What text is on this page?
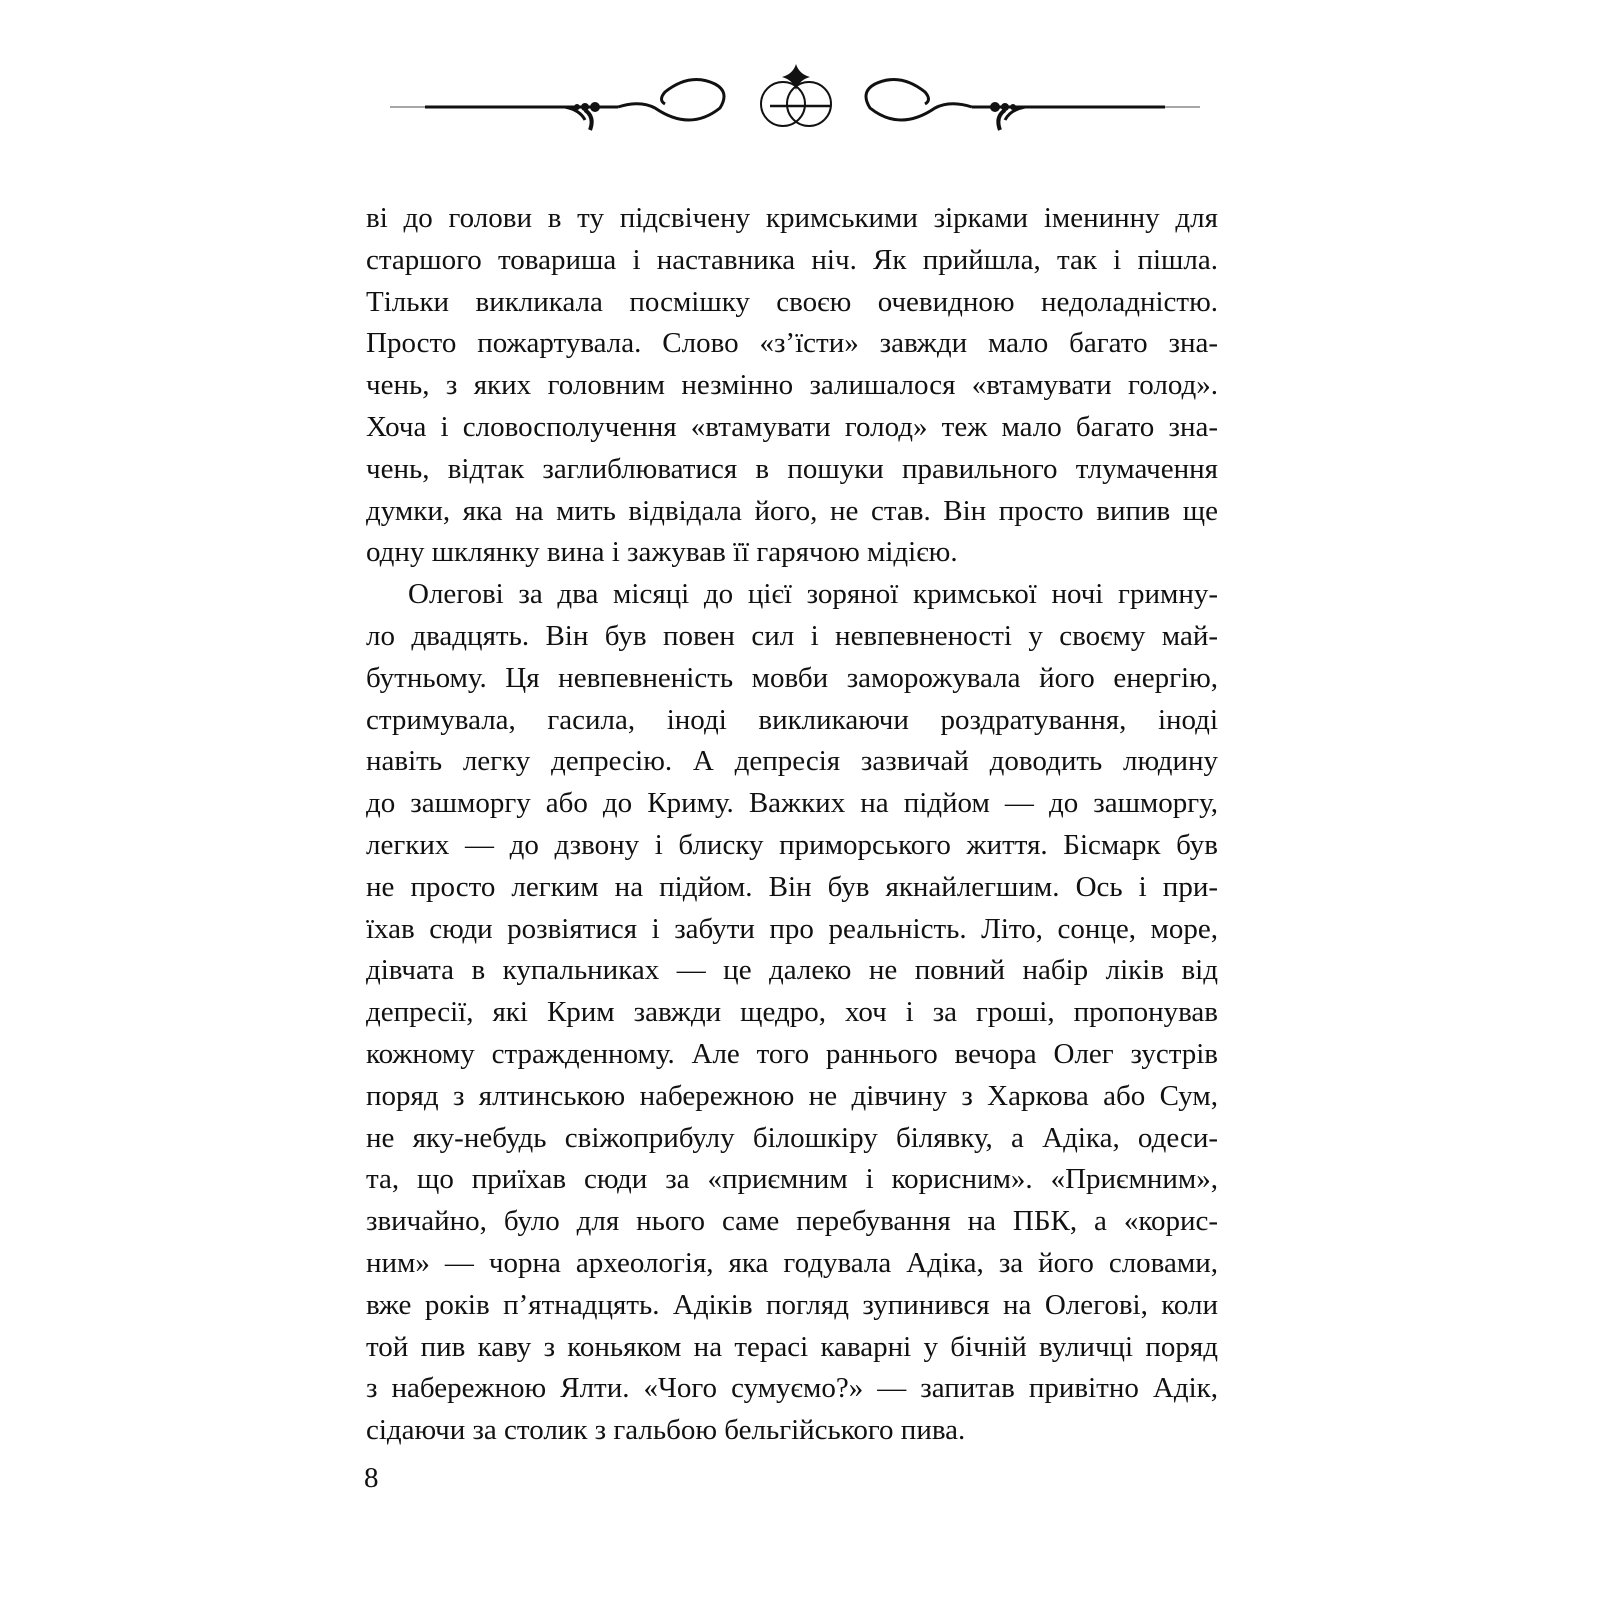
ві до голови в ту підсвічену кримськими зірками іменинну для
старшого товариша і наставника ніч. Як прийшла, так і пішла.
Тільки викликала посмішку своєю очевидною недоладністю.
Просто пожартувала. Слово «з’їсти» завжди мало багато зна-
чень, з яких головним незмінно залишалося «втамувати голод».
Хоча і словосполучення «втамувати голод» теж мало багато зна-
чень, відтак заглиблюватися в пошуки правильного тлумачення
думки, яка на мить відвідала його, не став. Він просто випив ще
одну шклянку вина і зажував її гарячою мідією.
Олегові за два місяці до цієї зоряної кримської ночі гримну-
ло двадцять. Він був повен сил і невпевненості у своєму май-
бутньому. Ця невпевненість мовби заморожувала його енергію,
стримувала, гасила, іноді викликаючи роздратування, іноді
навіть легку депресію. А депресія зазвичай доводить людину
до зашморгу або до Криму. Важких на підйом — до зашморгу,
легких — до дзвону і блиску приморського життя. Бісмарк був
не просто легким на підйом. Він був якнайлегшим. Ось і при-
їхав сюди розвіятися і забути про реальність. Літо, сонце, море,
дівчата в купальниках — це далеко не повний набір ліків від
депресії, які Крим завжди щедро, хоч і за гроші, пропонував
кожному стражденному. Але того раннього вечора Олег зустрів
поряд з ялтинською набережною не дівчину з Харкова або Сум,
не яку-небудь свіжоприбулу білошкіру білявку, а Адіка, одеси-
та, що приїхав сюди за «приємним і корисним». «Приємним»,
звичайно, було для нього саме перебування на ПБК, а «корис-
ним» — чорна археологія, яка годувала Адіка, за його словами,
вже років п’ятнадцять. Адіків погляд зупинився на Олегові, коли
той пив каву з коньяком на терасі каварні у бічній вуличці поряд
з набережною Ялти. «Чого сумуємо?» — запитав привітно Адік,
сідаючи за столик з гальбою бельгійського пива.
8
